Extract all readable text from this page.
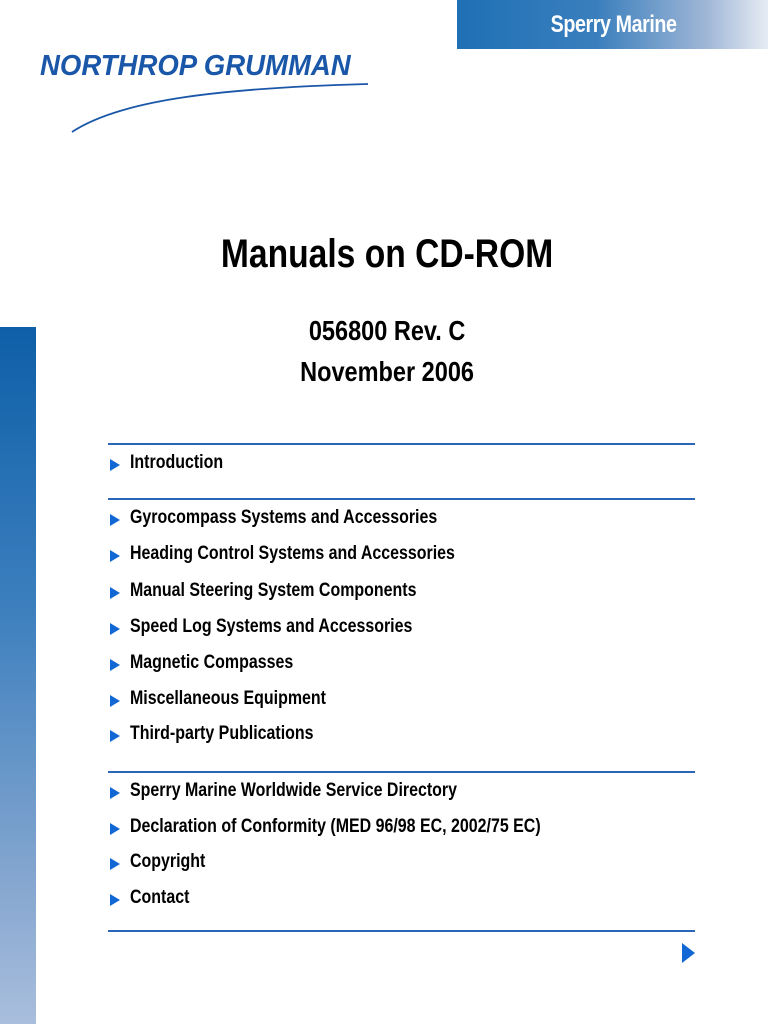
Sperry Marine
NORTHROP GRUMMAN
Manuals on CD-ROM
056800 Rev. C
November 2006
Introduction
Gyrocompass Systems and Accessories
Heading Control Systems and Accessories
Manual Steering System Components
Speed Log Systems and Accessories
Magnetic Compasses
Miscellaneous Equipment
Third-party Publications
Sperry Marine Worldwide Service Directory
Declaration of Conformity (MED 96/98 EC, 2002/75 EC)
Copyright
Contact
